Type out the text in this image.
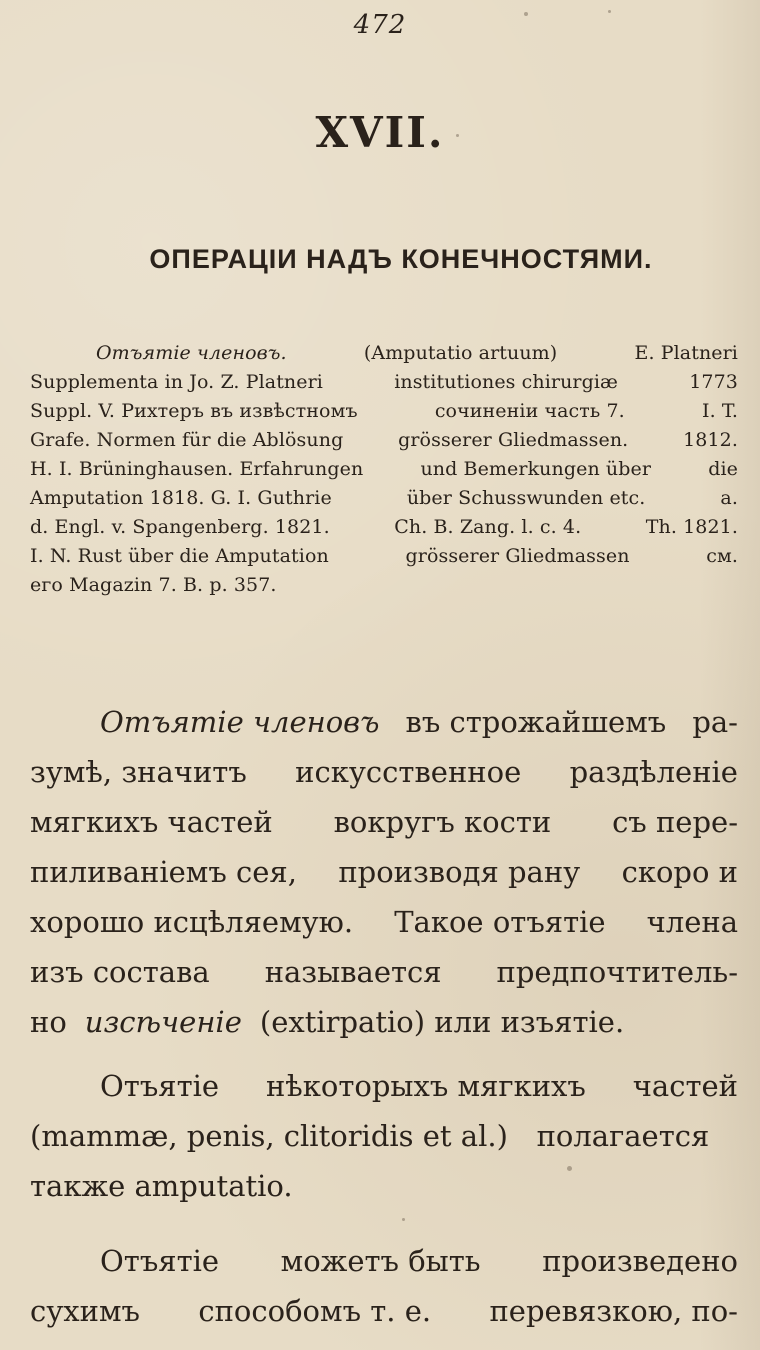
472
XVII.
ОПЕРАЦІИ НАДЪ КОНЕЧНОСТЯМИ.
Отъятіе членовъ.	(Amputatio artuum)	E. Platneri
Supplementa in Jo. Z. Platneri	institutiones chirurgiæ	1773
Suppl. V. Рихтеръ въ извѣстномъ	сочиненіи часть 7.	I. T.
Grafe. Normen für die Ablösung	grösserer Gliedmassen.	1812.
H. I. Brüninghausen. Erfahrungen	und Bemerkungen über	die
Amputation 1818. G. I. Guthrie	über Schusswunden etc.	a.
d. Engl. v. Spangenberg. 1821.	Ch. B. Zang. l. c. 4.	Th. 1821.
I. N. Rust über die Amputation	grösserer Gliedmassen	см.
его Magazin 7. B. p. 357.
Отъятіе членовъ въ строжайшемъ ра-
зумѣ, значитъ искусственное раздѣленіе
мягкихъ частей вокругъ кости съ пере-
пиливаніемъ сея, производя рану скоро и
хорошо исцѣляемую. Такое отъятіе члена
изъ состава называется предпочтитель-
но изсѣченіе (extirpatio) или изъятіе.
Отъятіе нѣкоторыхъ мягкихъ частей
(mammæ, penis, clitoridis et al.) полагается
также amputatio.
Отъятіе можетъ быть произведено
сухимъ способомъ т. е. перевязкою, по-
